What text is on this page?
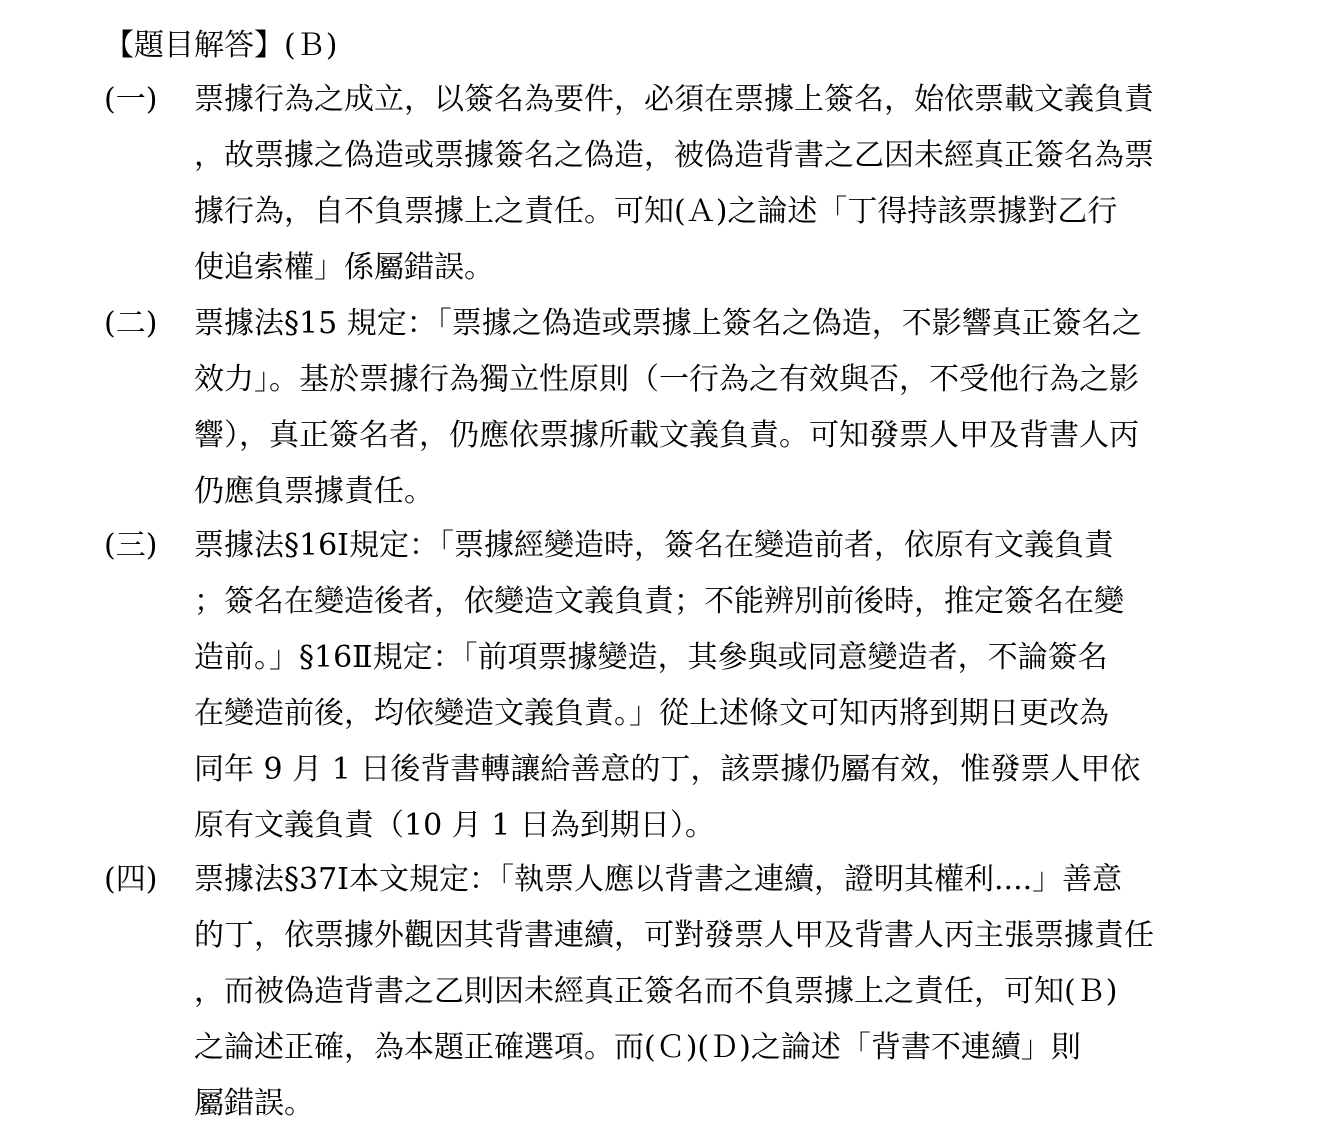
【題目解答】(Ｂ)
(一) 票據行為之成立，以簽名為要件，必須在票據上簽名，始依票載文義負責
，故票據之偽造或票據簽名之偽造，被偽造背書之乙因未經真正簽名為票
據行為，自不負票據上之責任。可知(Ａ)之論述「丁得持該票據對乙行
使追索權」係屬錯誤。
(二) 票據法§15 規定：「票據之偽造或票據上簽名之偽造，不影響真正簽名之
效力」。基於票據行為獨立性原則（一行為之有效與否，不受他行為之影
響），真正簽名者，仍應依票據所載文義負責。可知發票人甲及背書人丙
仍應負票據責任。
(三) 票據法§16Ⅰ規定：「票據經變造時，簽名在變造前者，依原有文義負責
；簽名在變造後者，依變造文義負責；不能辨別前後時，推定簽名在變
造前。」§16Ⅱ規定：「前項票據變造，其參與或同意變造者，不論簽名
在變造前後，均依變造文義負責。」從上述條文可知丙將到期日更改為
同年 9 月 1 日後背書轉讓給善意的丁，該票據仍屬有效，惟發票人甲依
原有文義負責（10 月 1 日為到期日）。
(四) 票據法§37Ⅰ本文規定：「執票人應以背書之連續，證明其權利....」善意
的丁，依票據外觀因其背書連續，可對發票人甲及背書人丙主張票據責任
，而被偽造背書之乙則因未經真正簽名而不負票據上之責任，可知(Ｂ)
之論述正確，為本題正確選項。而(Ｃ)(Ｄ)之論述「背書不連續」則
屬錯誤。
